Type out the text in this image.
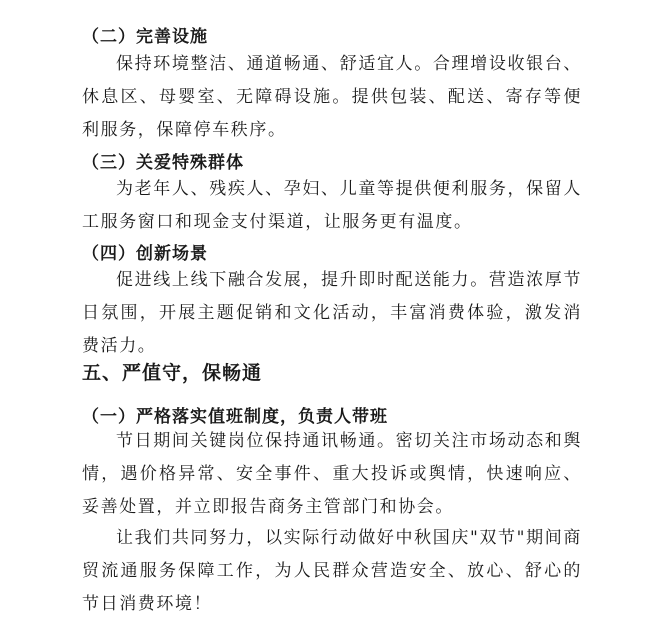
（二）完善设施
保持环境整洁、通道畅通、舒适宜人。合理增设收银台、休息区、母婴室、无障碍设施。提供包装、配送、寄存等便利服务，保障停车秩序。
（三）关爱特殊群体
为老年人、残疾人、孕妇、儿童等提供便利服务，保留人工服务窗口和现金支付渠道，让服务更有温度。
（四）创新场景
促进线上线下融合发展，提升即时配送能力。营造浓厚节日氛围，开展主题促销和文化活动，丰富消费体验，激发消费活力。
五、严值守，保畅通
（一）严格落实值班制度，负责人带班
节日期间关键岗位保持通讯畅通。密切关注市场动态和舆情，遇价格异常、安全事件、重大投诉或舆情，快速响应、妥善处置，并立即报告商务主管部门和协会。
让我们共同努力，以实际行动做好中秋国庆"双节"期间商贸流通服务保障工作，为人民群众营造安全、放心、舒心的节日消费环境！
